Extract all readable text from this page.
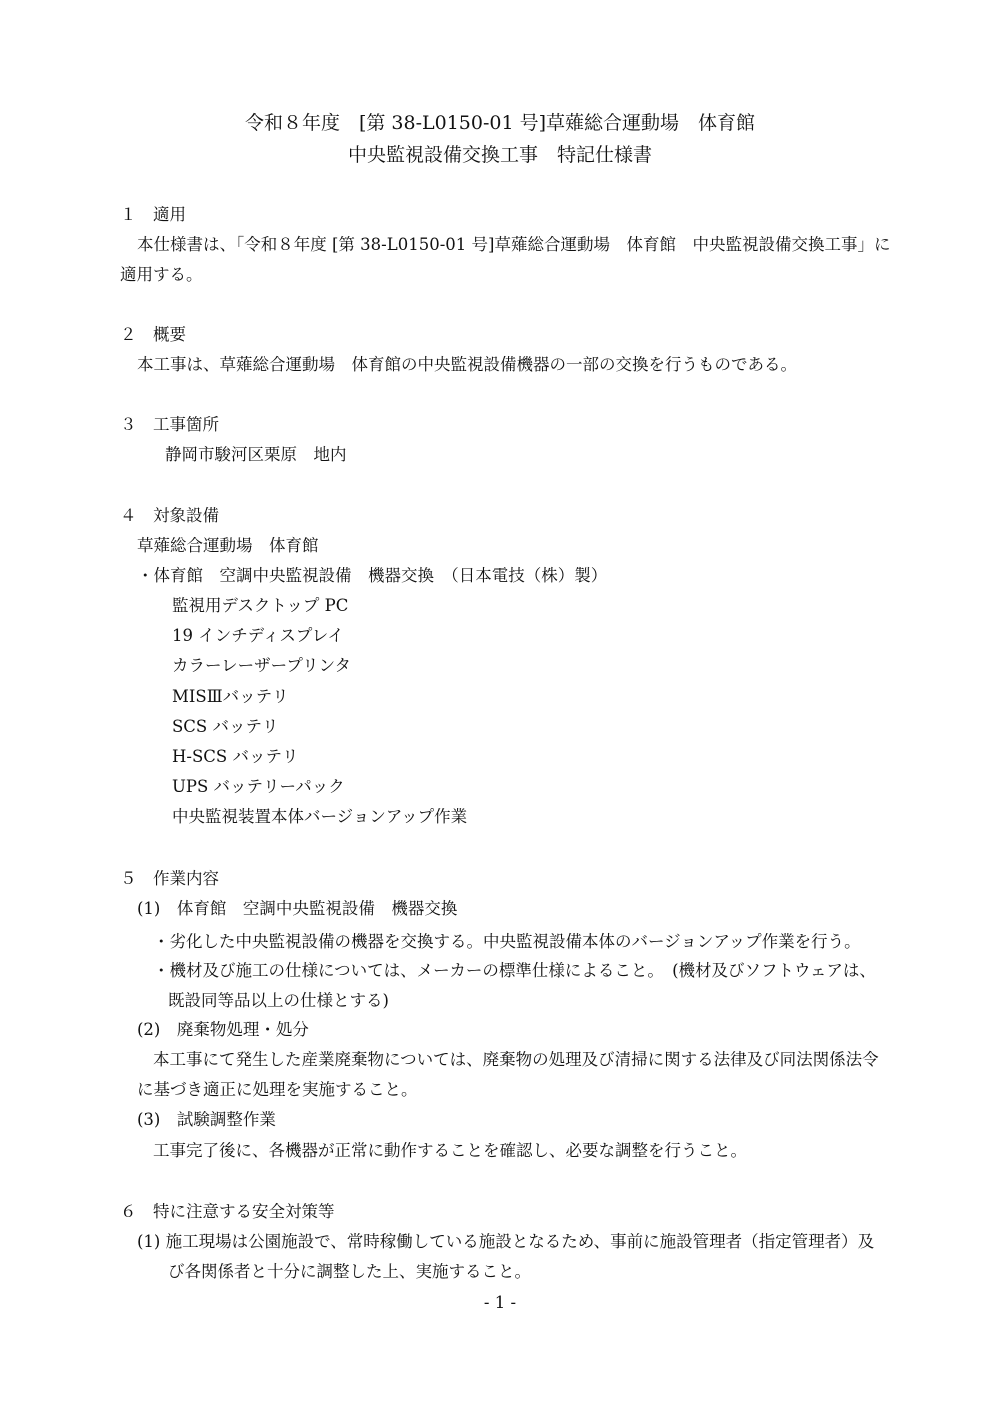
令和８年度　[第 38-L0150-01 号]草薙総合運動場　体育館
中央監視設備交換工事　特記仕様書
１　適用
本仕様書は、「令和８年度 [第 38-L0150-01 号]草薙総合運動場　体育館　中央監視設備交換工事」に
適用する。
２　概要
本工事は、草薙総合運動場　体育館の中央監視設備機器の一部の交換を行うものである。
３　工事箇所
静岡市駿河区栗原　地内
４　対象設備
草薙総合運動場　体育館
・体育館　空調中央監視設備　機器交換　（日本電技（株）製）
監視用デスクトップ PC
19 インチディスプレイ
カラーレーザープリンタ
MISⅢバッテリ
SCS バッテリ
H-SCS バッテリ
UPS バッテリーパック
中央監視装置本体バージョンアップ作業
５　作業内容
(1)　体育館　空調中央監視設備　機器交換
・劣化した中央監視設備の機器を交換する。中央監視設備本体のバージョンアップ作業を行う。
・機材及び施工の仕様については、メーカーの標準仕様によること。　(機材及びソフトウェアは、
既設同等品以上の仕様とする)
(2)　廃棄物処理・処分
本工事にて発生した産業廃棄物については、廃棄物の処理及び清掃に関する法律及び同法関係法令
に基づき適正に処理を実施すること。
(3)　試験調整作業
工事完了後に、各機器が正常に動作することを確認し、必要な調整を行うこと。
６　特に注意する安全対策等
(1) 施工現場は公園施設で、常時稼働している施設となるため、事前に施設管理者（指定管理者）及
び各関係者と十分に調整した上、実施すること。
- 1 -
